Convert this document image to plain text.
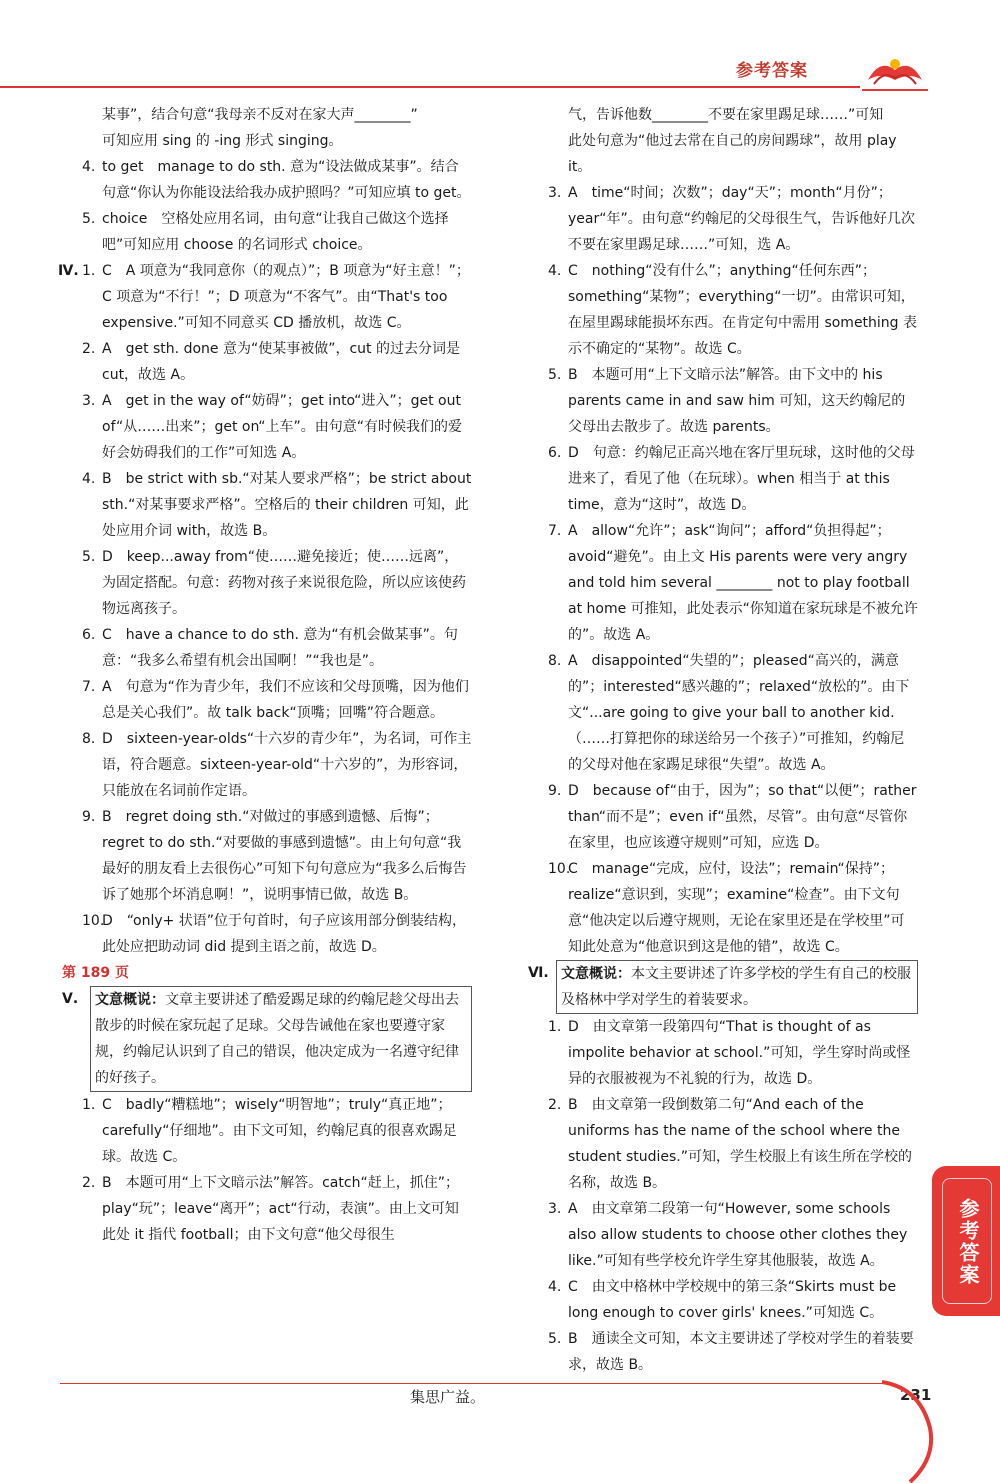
参考答案
某事”，结合句意“我母亲不反对在家大声________”
可知应用 sing 的 -ing 形式 singing。
4. to get　manage to do sth. 意为“设法做成某事”。结合句意“你认为你能设法给我办成护照吗？”可知应填 to get。
5. choice　空格处应用名词，由句意“让我自己做这个选择吧”可知应用 choose 的名词形式 choice。
Ⅳ. 1. C　A 项意为“我同意你（的观点）”；B 项意为“好主意！”；C 项意为“不行！”；D 项意为“不客气”。由“That's too expensive.”可知不同意买 CD 播放机，故选 C。
2. A　get sth. done 意为“使某事被做”，cut 的过去分词是 cut，故选 A。
3. A　get in the way of“妨碍”；get into“进入”；get out of“从……出来”；get on“上车”。由句意“有时候我们的爱好会妨碍我们的工作”可知选 A。
4. B　be strict with sb.“对某人要求严格”；be strict about sth.“对某事要求严格”。空格后的 their children 可知，此处应用介词 with，故选 B。
5. D　keep...away from“使……避免接近；使……远离”，为固定搭配。句意：药物对孩子来说很危险，所以应该使药物远离孩子。
6. C　have a chance to do sth. 意为“有机会做某事”。句意：“我多么希望有机会出国啊！”“我也是”。
7. A　句意为“作为青少年，我们不应该和父母顶嘴，因为他们总是关心我们”。故 talk back“顶嘴；回嘴”符合题意。
8. D　sixteen-year-olds“十六岁的青少年”，为名词，可作主语，符合题意。sixteen-year-old“十六岁的”，为形容词，只能放在名词前作定语。
9. B　regret doing sth.“对做过的事感到遗憾、后悔”；regret to do sth.“对要做的事感到遗憾”。由上句句意“我最好的朋友看上去很伤心”可知下句句意应为“我多么后悔告诉了她那个坏消息啊！”，说明事情已做，故选 B。
10.
D　“only+ 状语”位于句首时，句子应该用部分倒装结构，此处应把助动词 did 提到主语之前，故选 D。
第 189 页
Ⅴ.	文意概说：文章主要讲述了酷爱踢足球的约翰尼趁父母出去散步的时候在家玩起了足球。父母告诫他在家也要遵守家规，约翰尼认识到了自己的错误，他决定成为一名遵守纪律的好孩子。
1. C　badly“糟糕地”；wisely“明智地”；truly“真正地”；carefully“仔细地”。由下文可知，约翰尼真的很喜欢踢足球。故选 C。
2. B　本题可用“上下文暗示法”解答。catch“赶上，抓住”；play“玩”；leave“离开”；act“行动，表演”。由上文可知此处 it 指代 football；由下文句意“他父母很生
气，告诉他数________不要在家里踢足球……”可知
此处句意为“他过去常在自己的房间踢球”，故用 play
it。
3. A　time“时间；次数”；day“天”；month“月份”；year“年”。由句意“约翰尼的父母很生气，告诉他好几次不要在家里踢足球……”可知，选 A。
4. C　nothing“没有什么”；anything“任何东西”；something“某物”；everything“一切”。由常识可知，在屋里踢球能损坏东西。在肯定句中需用 something 表示不确定的“某物”。故选 C。
5. B　本题可用“上下文暗示法”解答。由下文中的 his parents came in and saw him 可知，这天约翰尼的父母出去散步了。故选 parents。
6. D　句意：约翰尼正高兴地在客厅里玩球，这时他的父母进来了，看见了他（在玩球）。when 相当于 at this time，意为“这时”，故选 D。
7. A　allow“允许”；ask“询问”；afford“负担得起”；avoid“避免”。由上文 His parents were very angry and told him several ________ not to play football at home 可推知，此处表示“你知道在家玩球是不被允许的”。故选 A。
8. A　disappointed“失望的”；pleased“高兴的，满意的”；interested“感兴趣的”；relaxed“放松的”。由下文“...are going to give your ball to another kid.（……打算把你的球送给另一个孩子）”可推知，约翰尼的父母对他在家踢足球很“失望”。故选 A。
9. D　because of“由于，因为”；so that“以便”；rather than“而不是”；even if“虽然，尽管”。由句意“尽管你在家里，也应该遵守规则”可知，应选 D。
10.
C　manage“完成，应付，设法”；remain“保持”；realize“意识到，实现”；examine“检查”。由下文句意“他决定以后遵守规则，无论在家里还是在学校里”可知此处意为“他意识到这是他的错”，故选 C。
Ⅵ. 文意概说：本文主要讲述了许多学校的学生有自己的校服及格林中学对学生的着装要求。
1. D　由文章第一段第四句“That is thought of as impolite behavior at school.”可知，学生穿时尚或怪异的衣服被视为不礼貌的行为，故选 D。
2. B　由文章第一段倒数第二句“And each of the uniforms has the name of the school where the student studies.”可知，学生校服上有该生所在学校的名称，故选 B。
3. A　由文章第二段第一句“However, some schools also allow students to choose other clothes they like.”可知有些学校允许学生穿其他服装，故选 A。
4. C　由文中格林中学校规中的第三条“Skirts must be long enough to cover girls' knees.”可知选 C。
5. B　通读全文可知，本文主要讲述了学校对学生的着装要求，故选 B。
参考答案
集思广益。	231
